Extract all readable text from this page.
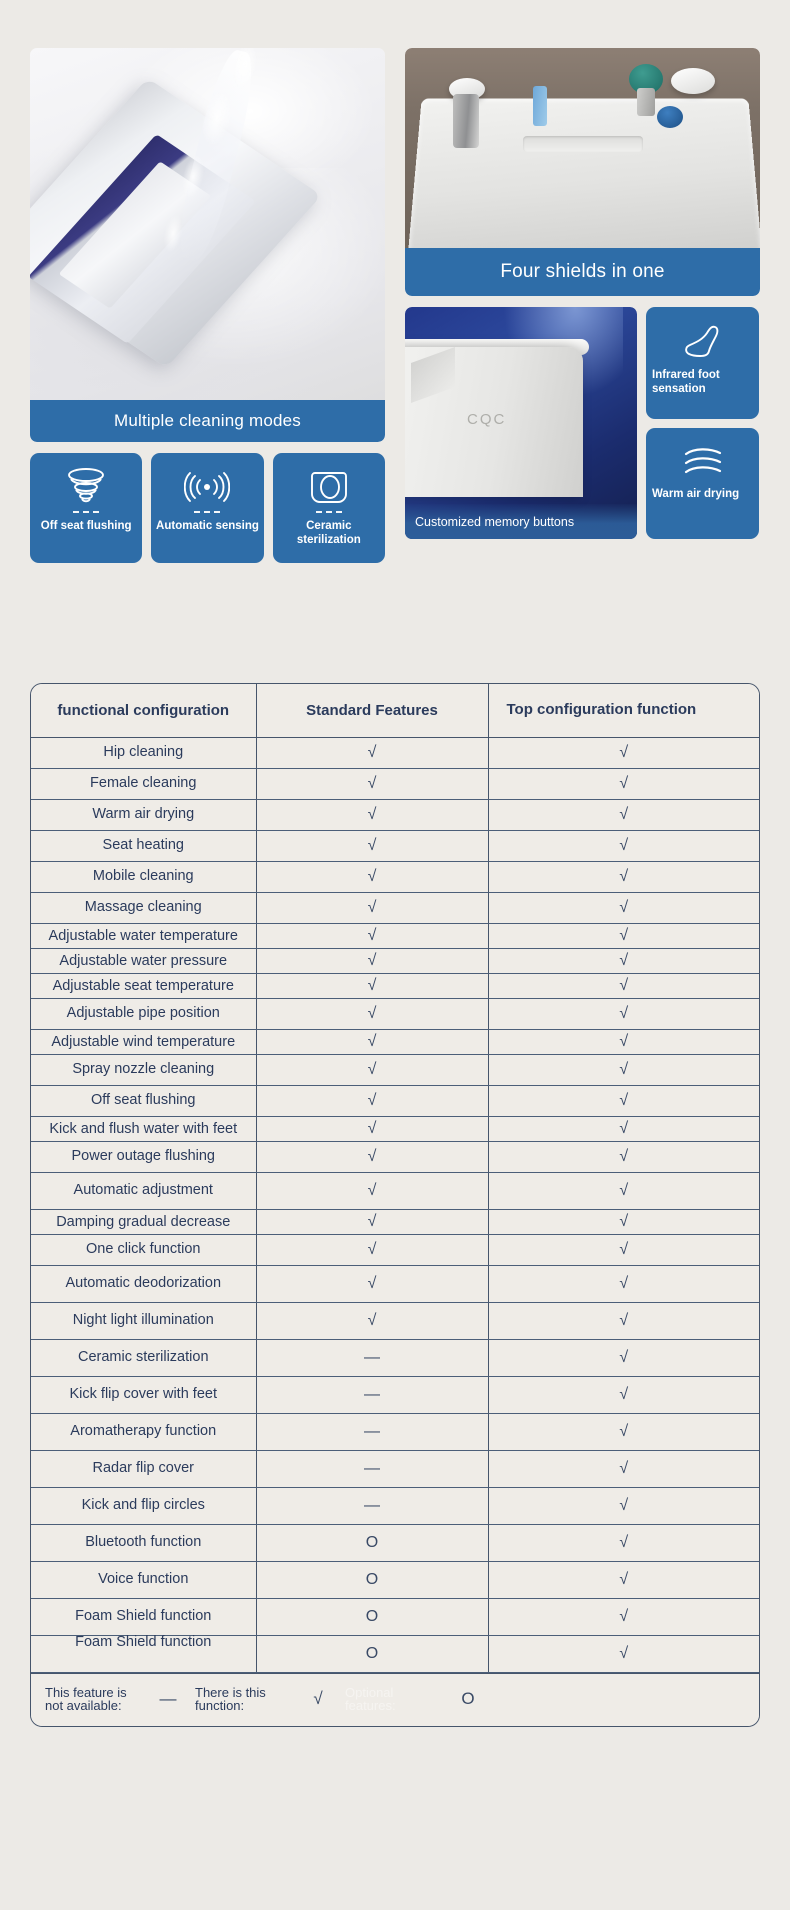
Multiple cleaning modes
Off seat flushing Automatic sensing	Ceramic sterilization
Four shields in one
CQC
Customized memory buttons
Infrared foot sensation
Warm air drying
functional configuration	Standard Features	Top configuration function
Hip cleaning	√	√
Female cleaning	√	√
Warm air drying	√	√
Seat heating	√	√
Mobile cleaning	√	√
Massage cleaning	√	√
Adjustable water temperature	√	√
Adjustable water pressure	√	√
Adjustable seat temperature	√	√
Adjustable pipe position	√	√
Adjustable wind temperature	√	√
Spray nozzle cleaning	√	√
Off seat flushing	√	√
Kick and flush water with feet	√	√
Power outage flushing	√	√
Automatic adjustment	√	√
Damping gradual decrease	√	√
One click function	√	√
Automatic deodorization	√	√
Night light illumination	√	√
Ceramic sterilization	—	√
Kick flip cover with feet	—	√
Aromatherapy function	—	√
Radar flip cover	—	√
Kick and flip circles	—	√
Bluetooth function	O	√
Voice function	O	√
Foam Shield function	O	√

Foam Shield function	O	√
This feature is not available:	—	There is this function:	√	Optional features:	O
